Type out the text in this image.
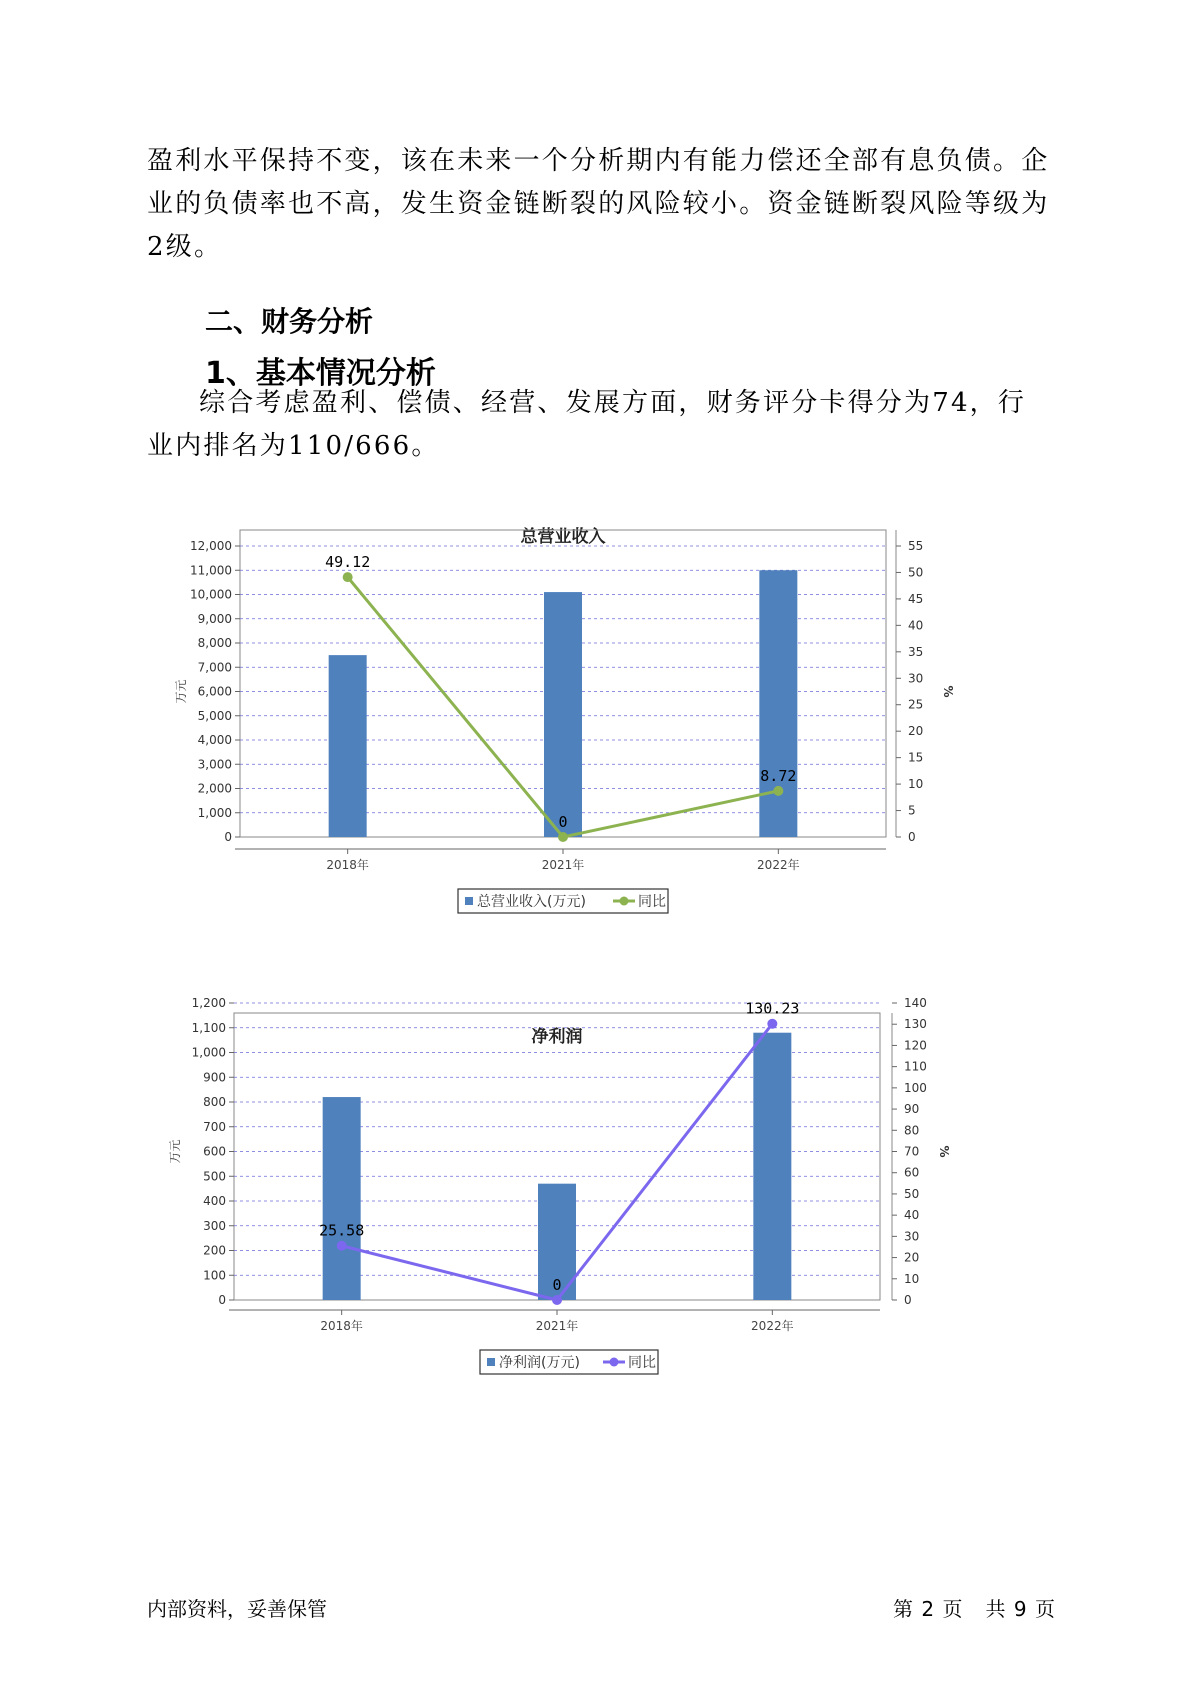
盈利水平保持不变，该在未来一个分析期内有能力偿还全部有息负债。企业的负债率也不高，发生资金链断裂的风险较小。资金链断裂风险等级为2级。

二、财务分析
1、基本情况分析

综合考虑盈利、偿债、经营、发展方面，财务评分卡得分为74，行业内排名为110/666。

总营业收入
0
1,000
2,000
3,000
4,000
5,000
6,000
7,000
8,000
9,000
10,000
11,000
12,000
0
5
10
15
20
25
30
35
40
45
50
55
万元	%
2018年	2021年	2022年
49.12
0
8.72
总营业收入(万元)	同比
净利润
0
100
200
300
400
500
600
700
800
900
1,000
1,100
1,200
0
10
20
30
40
50
60
70
80
90
100
110
120
130
140
万元	%
2018年	2021年	2022年
25.58
0
130.23
净利润(万元)	同比
内部资料，妥善保管	第 2 页 共 9 页
